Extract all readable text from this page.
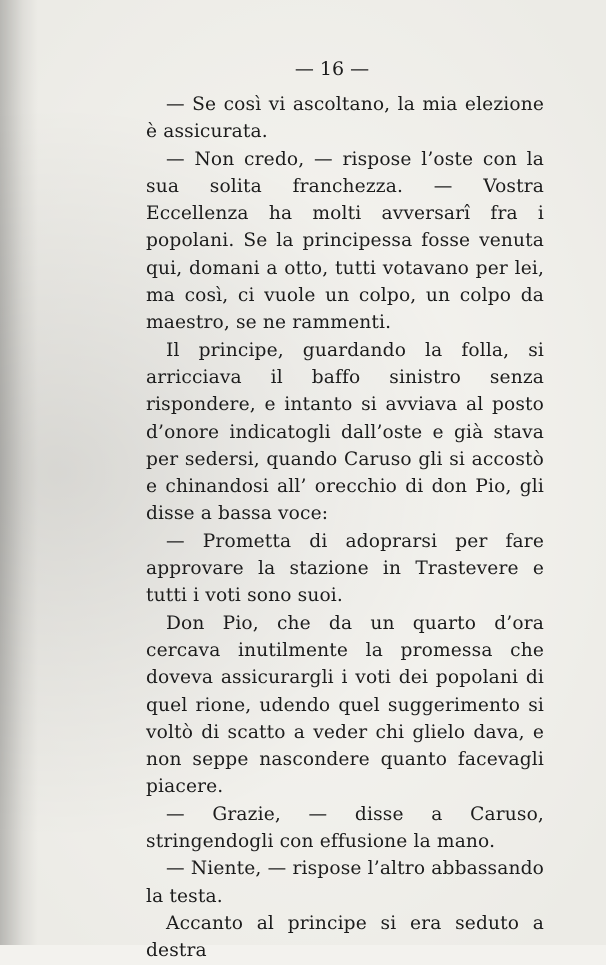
— 16 —

— Se così vi ascoltano, la mia elezione è assicurata.

— Non credo, — rispose l’oste con la sua solita franchezza. — Vostra Eccellenza ha molti avversarî fra i popolani. Se la principessa fosse venuta qui, domani a otto, tutti votavano per lei, ma così, ci vuole un colpo, un colpo da maestro, se ne rammenti.

Il principe, guardando la folla, si arricciava il baffo sinistro senza rispondere, e intanto si avviava al posto d’onore indicatogli dall’oste e già stava per sedersi, quando Caruso gli si accostò e chinandosi all’ orecchio di don Pio, gli disse a bassa voce:

— Prometta di adoprarsi per fare approvare la stazione in Trastevere e tutti i voti sono suoi.

Don Pio, che da un quarto d’ora cercava inutilmente la promessa che doveva assicurargli i voti dei popolani di quel rione, udendo quel suggerimento si voltò di scatto a veder chi glielo dava, e non seppe nascondere quanto facevagli piacere.

— Grazie, — disse a Caruso, stringendogli con effusione la mano.

— Niente, — rispose l’altro abbassando la testa.

Accanto al principe si era seduto a destra
